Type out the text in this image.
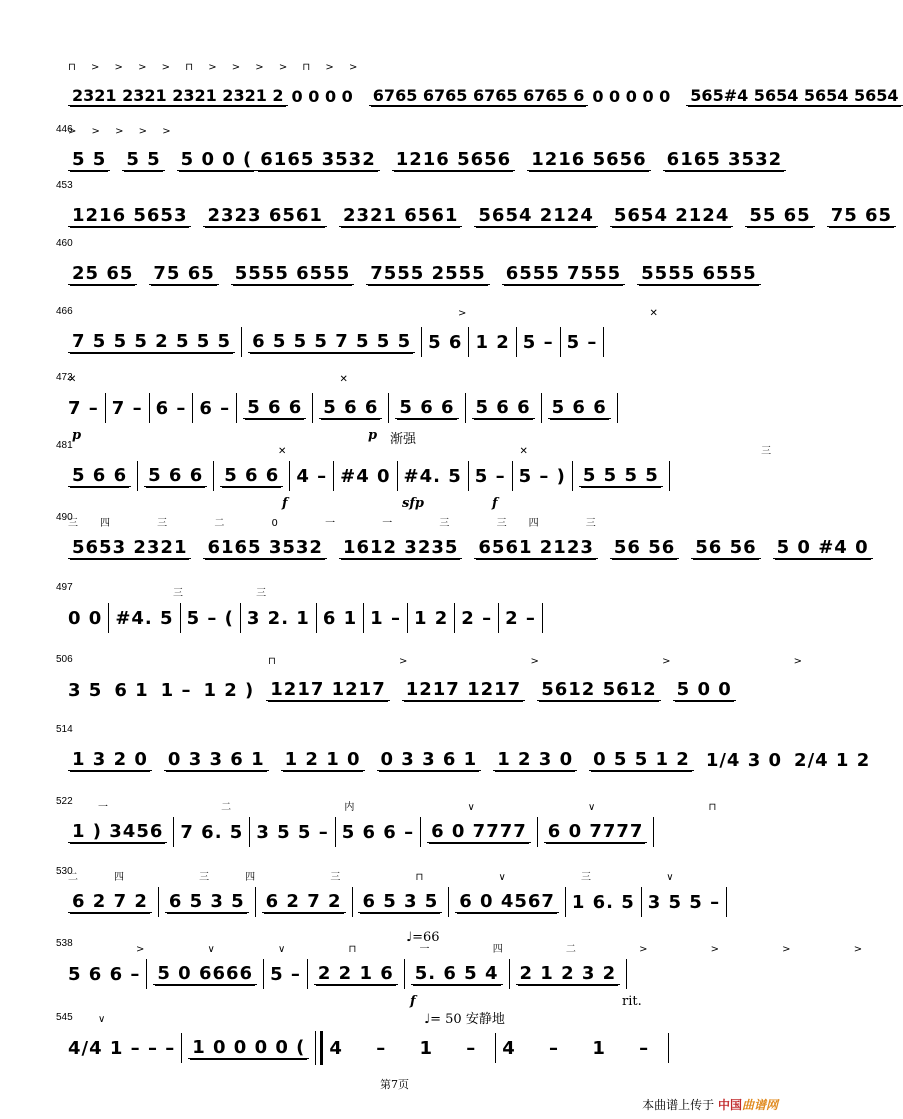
⊓ > > > > ⊓ > > > > ⊓ > >
2321 2321 2321 2321 2 0 0 0 0 6765 6765 6765 6765 6 0 0 0 0 0 565#4 5654 5654 5654
446
> > > > >
5 5 5 5 5 0 0 ( 6165 3532 1216 5656 1216 5656 6165 3532
453
1216 5653 2323 6561 2321 6561 5654 2124 5654 2124 55 65 75 65
460
25 65 75 65 5555 6555 7555 2555 6555 7555 5555 6555
466	> ✕
7 5 5 5 2 5 5 5 6 5 5 5 7 5 5 5 5 6 1 2 5 – 5 –
472
✕ ✕
7 – 7 – 6 – 6 – 5 6 6 5 6 6 5 6 6 5 6 6 5 6 6
p	p 渐强
481
✕ ✕ 三
5 6 6 5 6 6 5 6 6 4 – #4 0 #4. 5 5 – 5 – ) 5 5 5 5
f	sfp	f
490
三四 三 二 0 一 一 三 三四 三
5653 2321 6165 3532 1612 3235 6561 2123 56 56 56 56 5 0 #4 0
497
三 三
0 0 #4. 5 5 – ( 3 2. 1 6 1 1 – 1 2 2 – 2 –
506	⊓ > > > >
3 5 6 1 1 – 1 2 ) 1217 1217 1217 1217 5612 5612 5 0 0
514
1 3 2 0 0 3 3 6 1 1 2 1 0 0 3 3 6 1 1 2 3 0 0 5 5 1 2 1/4 3 0 2/4 1 2
522
一 二 内 ∨ ∨ ⊓
1 ) 3456 7 6. 5 3 5 5 – 5 6 6 – 6 0 7777 6 0 7777
530
二四 三四 三 ⊓ ∨ 三 ∨
6 2 7 2 6 5 3 5 6 2 7 2 6 5 3 5 6 0 4567 1 6. 5 3 5 5 –
538	♩=66
> ∨ ∨ ⊓ 一 四 二 > > > >
5 6 6 – 5 0 6666 5 – 2 2 1 6 5. 6 5 4 2 1 2 3 2
f	rit.
545	♩= 50 安静地
∨
4/4 1 – – – 1 0 0 0 0 ( 4 – 1 – 4 – 1 –
第7页
本曲谱上传于 中国曲谱网
